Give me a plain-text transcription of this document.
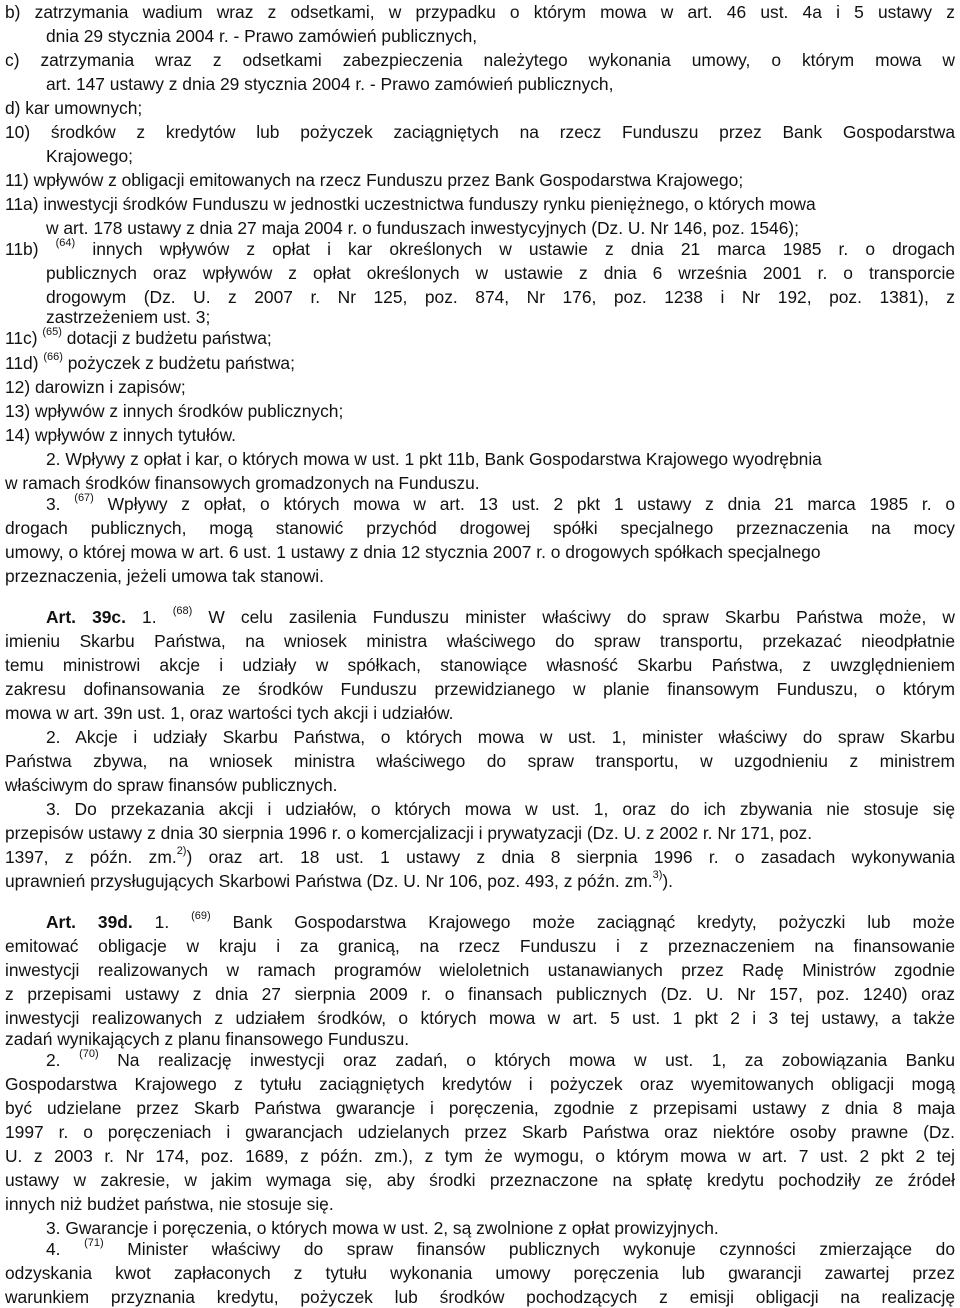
b) zatrzymania wadium wraz z odsetkami, w przypadku o którym mowa w art. 46 ust. 4a i 5 ustawy z
dnia 29 stycznia 2004 r. - Prawo zamówień publicznych,
c) zatrzymania wraz z odsetkami zabezpieczenia należytego wykonania umowy, o którym mowa w
art. 147 ustawy z dnia 29 stycznia 2004 r. - Prawo zamówień publicznych,
d) kar umownych;
10) środków z kredytów lub pożyczek zaciągniętych na rzecz Funduszu przez Bank Gospodarstwa
Krajowego;
11) wpływów z obligacji emitowanych na rzecz Funduszu przez Bank Gospodarstwa Krajowego;
11a) inwestycji środków Funduszu w jednostki uczestnictwa funduszy rynku pieniężnego, o których mowa
w art. 178 ustawy z dnia 27 maja 2004 r. o funduszach inwestycyjnych (Dz. U. Nr 146, poz. 1546);
11b) $^{(64)}$ innych wpływów z opłat i kar określonych w ustawie z dnia 21 marca 1985 r. o drogach
publicznych oraz wpływów z opłat określonych w ustawie z dnia 6 września 2001 r. o transporcie
drogowym (Dz. U. z 2007 r. Nr 125, poz. 874, Nr 176, poz. 1238 i Nr 192, poz. 1381), z
zastrzeżeniem ust. 3;
11c) $^{(65)}$ dotacji z budżetu państwa;
11d) $^{(66)}$ pożyczek z budżetu państwa;
12) darowizn i zapisów;
13) wpływów z innych środków publicznych;
14) wpływów z innych tytułów.
2. Wpływy z opłat i kar, o których mowa w ust. 1 pkt 11b, Bank Gospodarstwa Krajowego wyodrębnia
w ramach środków finansowych gromadzonych na Funduszu.
3. $^{(67)}$ Wpływy z opłat, o których mowa w art. 13 ust. 2 pkt 1 ustawy z dnia 21 marca 1985 r. o
drogach publicznych, mogą stanowić przychód drogowej spółki specjalnego przeznaczenia na mocy
umowy, o której mowa w art. 6 ust. 1 ustawy z dnia 12 stycznia 2007 r. o drogowych spółkach specjalnego
przeznaczenia, jeżeli umowa tak stanowi.
Art. 39c. 1. $^{(68)}$ W celu zasilenia Funduszu minister właściwy do spraw Skarbu Państwa może, w
imieniu Skarbu Państwa, na wniosek ministra właściwego do spraw transportu, przekazać nieodpłatnie
temu ministrowi akcje i udziały w spółkach, stanowiące własność Skarbu Państwa, z uwzględnieniem
zakresu dofinansowania ze środków Funduszu przewidzianego w planie finansowym Funduszu, o którym
mowa w art. 39n ust. 1, oraz wartości tych akcji i udziałów.
2. Akcje i udziały Skarbu Państwa, o których mowa w ust. 1, minister właściwy do spraw Skarbu
Państwa zbywa, na wniosek ministra właściwego do spraw transportu, w uzgodnieniu z ministrem
właściwym do spraw finansów publicznych.
3. Do przekazania akcji i udziałów, o których mowa w ust. 1, oraz do ich zbywania nie stosuje się
przepisów ustawy z dnia 30 sierpnia 1996 r. o komercjalizacji i prywatyzacji (Dz. U. z 2002 r. Nr 171, poz.
1397, z późn. zm.$^{2)}$) oraz art. 18 ust. 1 ustawy z dnia 8 sierpnia 1996 r. o zasadach wykonywania
uprawnień przysługujących Skarbowi Państwa (Dz. U. Nr 106, poz. 493, z późn. zm.$^{3)}$).
Art. 39d. 1. $^{(69)}$ Bank Gospodarstwa Krajowego może zaciągnąć kredyty, pożyczki lub może
emitować obligacje w kraju i za granicą, na rzecz Funduszu i z przeznaczeniem na finansowanie
inwestycji realizowanych w ramach programów wieloletnich ustanawianych przez Radę Ministrów zgodnie
z przepisami ustawy z dnia 27 sierpnia 2009 r. o finansach publicznych (Dz. U. Nr 157, poz. 1240) oraz
inwestycji realizowanych z udziałem środków, o których mowa w art. 5 ust. 1 pkt 2 i 3 tej ustawy, a także
zadań wynikających z planu finansowego Funduszu.
2. $^{(70)}$ Na realizację inwestycji oraz zadań, o których mowa w ust. 1, za zobowiązania Banku
Gospodarstwa Krajowego z tytułu zaciągniętych kredytów i pożyczek oraz wyemitowanych obligacji mogą
być udzielane przez Skarb Państwa gwarancje i poręczenia, zgodnie z przepisami ustawy z dnia 8 maja
1997 r. o poręczeniach i gwarancjach udzielanych przez Skarb Państwa oraz niektóre osoby prawne (Dz.
U. z 2003 r. Nr 174, poz. 1689, z późn. zm.), z tym że wymogu, o którym mowa w art. 7 ust. 2 pkt 2 tej
ustawy w zakresie, w jakim wymaga się, aby środki przeznaczone na spłatę kredytu pochodziły ze źródeł
innych niż budżet państwa, nie stosuje się.
3. Gwarancje i poręczenia, o których mowa w ust. 2, są zwolnione z opłat prowizyjnych.
4. $^{(71)}$ Minister właściwy do spraw finansów publicznych wykonuje czynności zmierzające do
odzyskania kwot zapłaconych z tytułu wykonania umowy poręczenia lub gwarancji zawartej przez
warunkiem przyznania kredytu, pożyczek lub środków pochodzących z emisji obligacji na realizację
